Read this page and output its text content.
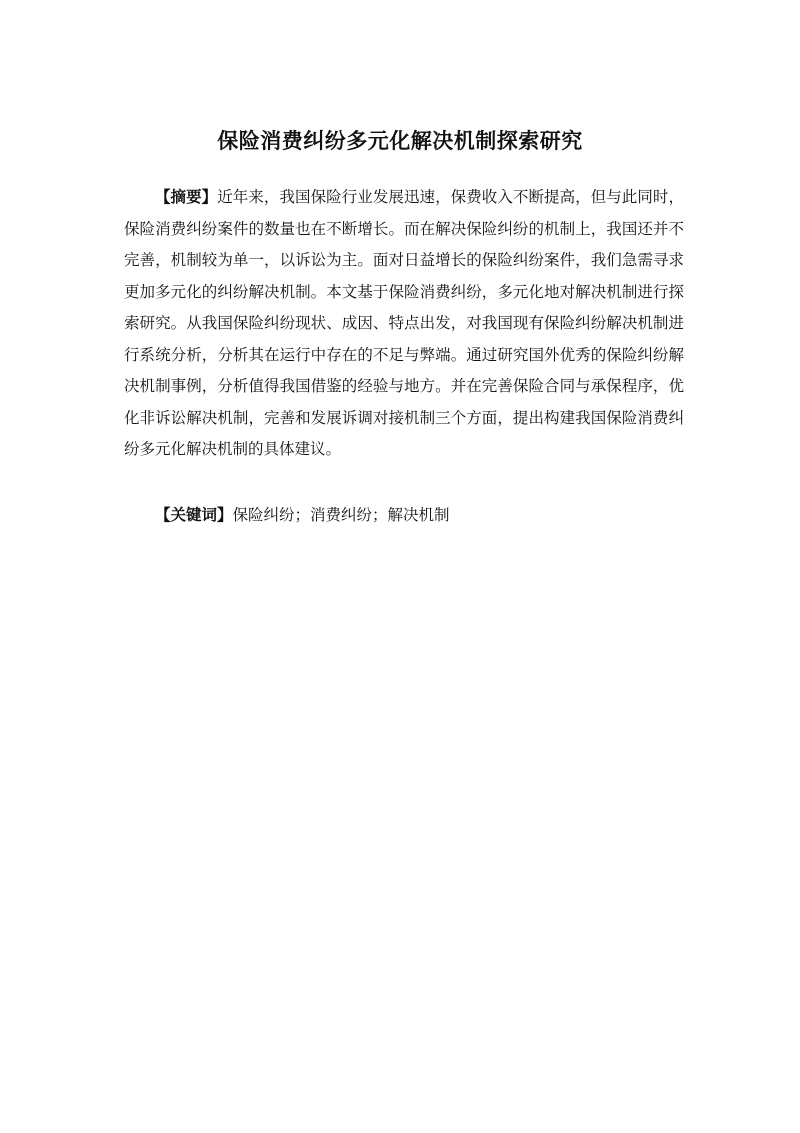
保险消费纠纷多元化解决机制探索研究

【摘要】近年来，我国保险行业发展迅速，保费收入不断提高，但与此同时，保险消费纠纷案件的数量也在不断增长。而在解决保险纠纷的机制上，我国还并不完善，机制较为单一，以诉讼为主。面对日益增长的保险纠纷案件，我们急需寻求更加多元化的纠纷解决机制。本文基于保险消费纠纷，多元化地对解决机制进行探索研究。从我国保险纠纷现状、成因、特点出发，对我国现有保险纠纷解决机制进行系统分析，分析其在运行中存在的不足与弊端。通过研究国外优秀的保险纠纷解决机制事例，分析值得我国借鉴的经验与地方。并在完善保险合同与承保程序，优化非诉讼解决机制，完善和发展诉调对接机制三个方面，提出构建我国保险消费纠纷多元化解决机制的具体建议。

【关键词】保险纠纷；消费纠纷；解决机制
